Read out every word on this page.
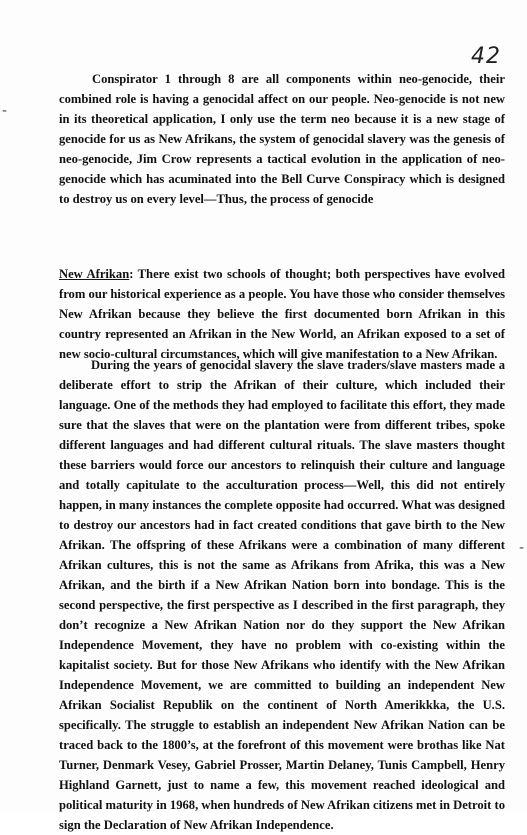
42
-
-

Conspirator 1 through 8 are all components within neo-genocide, their combined role is having a genocidal affect on our people. Neo-genocide is not new in its theoretical application, I only use the term neo because it is a new stage of genocide for us as New Afrikans, the system of genocidal slavery was the genesis of neo-genocide, Jim Crow represents a tactical evolution in the application of neo-genocide which has acuminated into the Bell Curve Conspiracy which is designed to destroy us on every level—Thus, the process of genocide

New Afrikan: There exist two schools of thought; both perspectives have evolved from our historical experience as a people. You have those who consider themselves New Afrikan because they believe the first documented born Afrikan in this country represented an Afrikan in the New World, an Afrikan exposed to a set of new socio-cultural circumstances, which will give manifestation to a New Afrikan.

During the years of genocidal slavery the slave traders/slave masters made a deliberate effort to strip the Afrikan of their culture, which included their language. One of the methods they had employed to facilitate this effort, they made sure that the slaves that were on the plantation were from different tribes, spoke different languages and had different cultural rituals. The slave masters thought these barriers would force our ancestors to relinquish their culture and language and totally capitulate to the acculturation process—Well, this did not entirely happen, in many instances the complete opposite had occurred. What was designed to destroy our ancestors had in fact created conditions that gave birth to the New Afrikan. The offspring of these Afrikans were a combination of many different Afrikan cultures, this is not the same as Afrikans from Afrika, this was a New Afrikan, and the birth if a New Afrikan Nation born into bondage. This is the second perspective, the first perspective as I described in the first paragraph, they don’t recognize a New Afrikan Nation nor do they support the New Afrikan Independence Movement, they have no problem with co-existing within the kapitalist society. But for those New Afrikans who identify with the New Afrikan Independence Movement, we are committed to building an independent New Afrikan Socialist Republik on the continent of North Amerikkka, the U.S. specifically. The struggle to establish an independent New Afrikan Nation can be traced back to the 1800’s, at the forefront of this movement were brothas like Nat Turner, Denmark Vesey, Gabriel Prosser, Martin Delaney, Tunis Campbell, Henry Highland Garnett, just to name a few, this movement reached ideological and political maturity in 1968, when hundreds of New Afrikan citizens met in Detroit to sign the Declaration of New Afrikan Independence.
